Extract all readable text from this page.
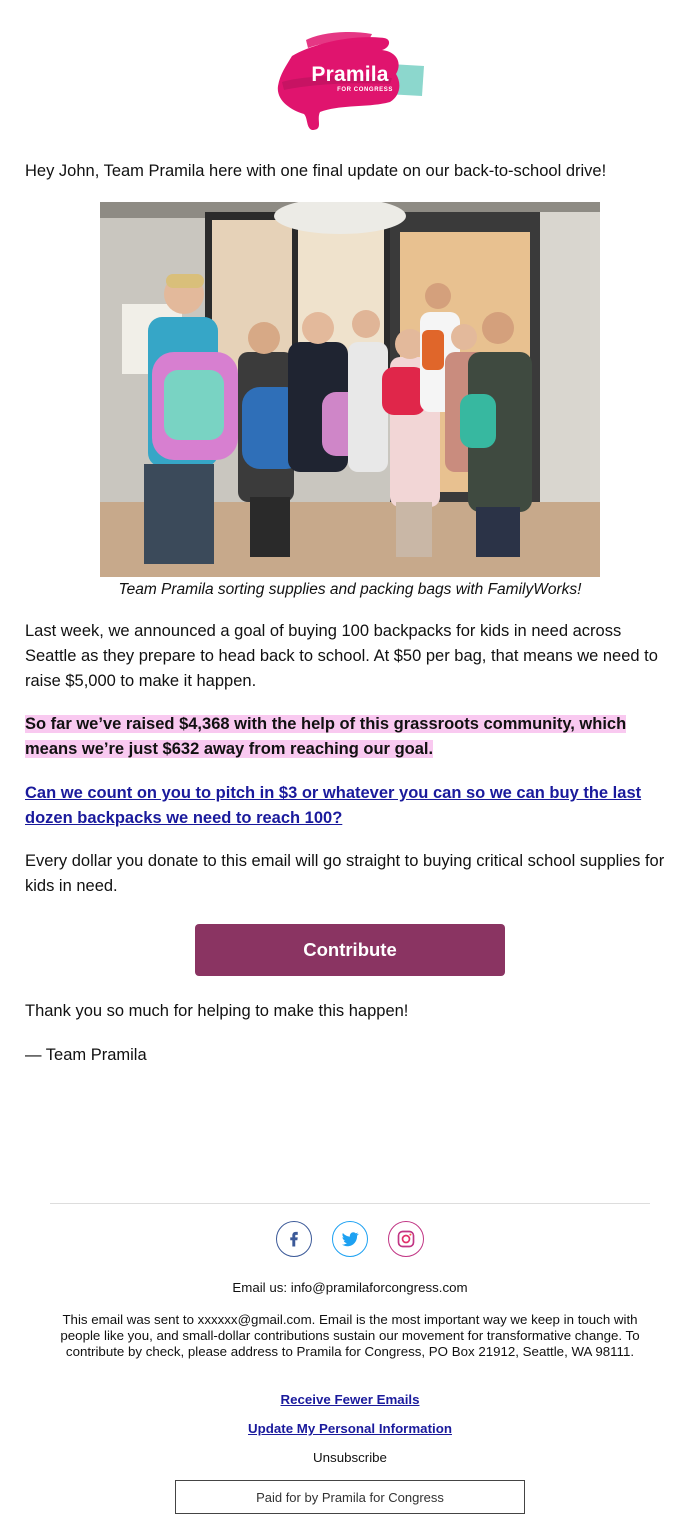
Pramila
FOR CONGRESS
Hey John, Team Pramila here with one final update on our back-to-school drive!
Team Pramila sorting supplies and packing bags with FamilyWorks!
Last week, we announced a goal of buying 100 backpacks for kids in need across Seattle as they prepare to head back to school. At $50 per bag, that means we need to raise $5,000 to make it happen.
So far we’ve raised $4,368 with the help of this grassroots community, which means we’re just $632 away from reaching our goal.
Can we count on you to pitch in $3 or whatever you can so we can buy the last dozen backpacks we need to reach 100?
Every dollar you donate to this email will go straight to buying critical school supplies for kids in need.
Contribute
Thank you so much for helping to make this happen!
— Team Pramila
Email us: info@pramilaforcongress.com
This email was sent to xxxxxx@gmail.com. Email is the most important way we keep in touch with people like you, and small-dollar contributions sustain our movement for transformative change. To contribute by check, please address to Pramila for Congress, PO Box 21912, Seattle, WA 98111.
Receive Fewer Emails
Update My Personal Information
Unsubscribe
Paid for by Pramila for Congress
